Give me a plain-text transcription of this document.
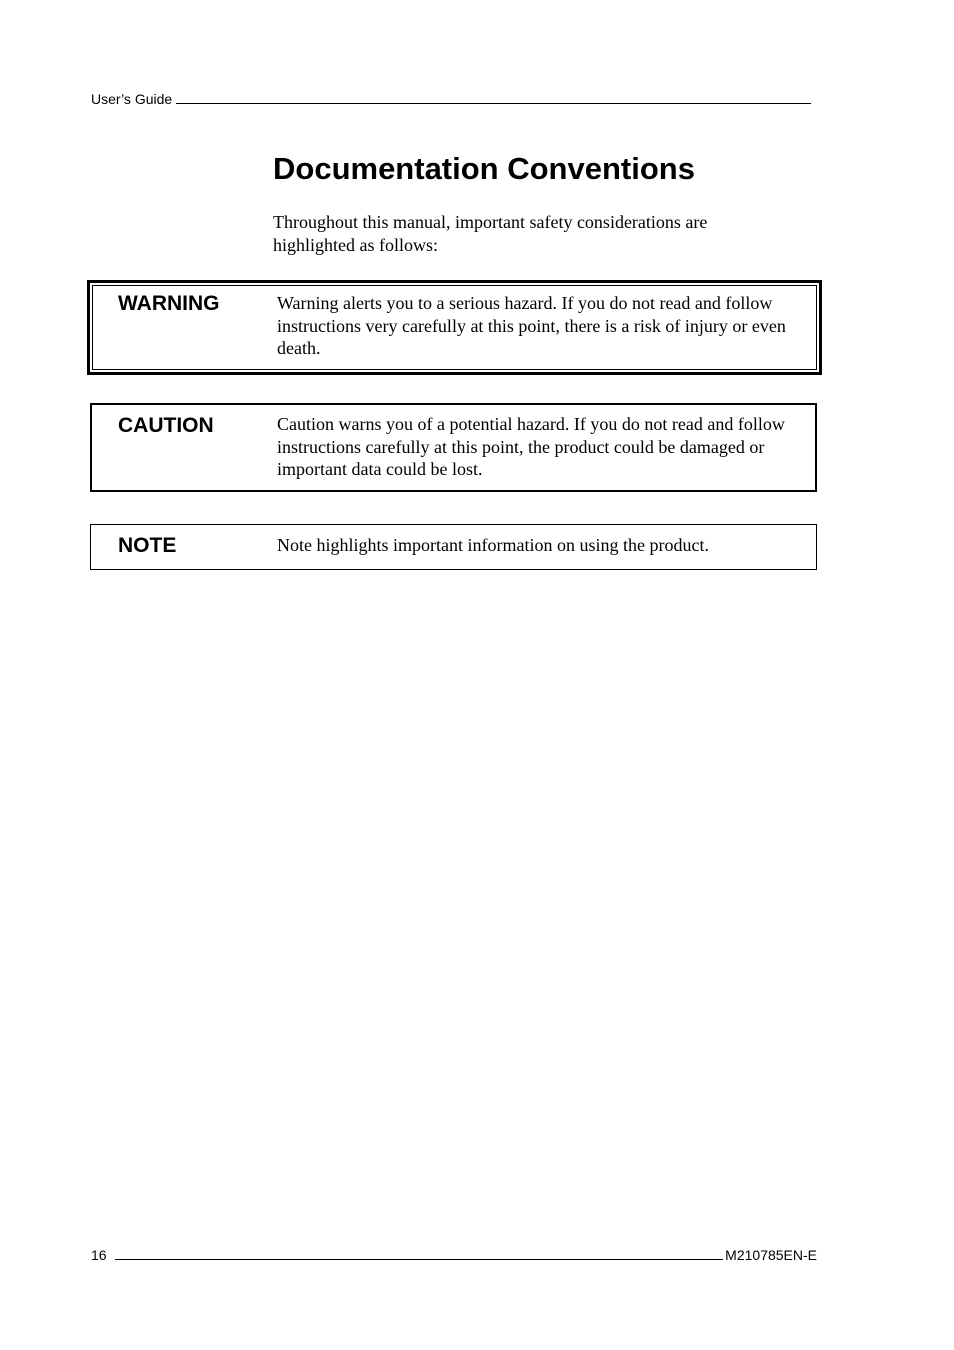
User’s Guide
Documentation Conventions

Throughout this manual, important safety considerations are highlighted as follows:

WARNING	Warning alerts you to a serious hazard. If you do not read and follow instructions very carefully at this point, there is a risk of injury or even death.
CAUTION	Caution warns you of a potential hazard. If you do not read and follow instructions carefully at this point, the product could be damaged or important data could be lost.
NOTE	Note highlights important information on using the product.
16	M210785EN-E
